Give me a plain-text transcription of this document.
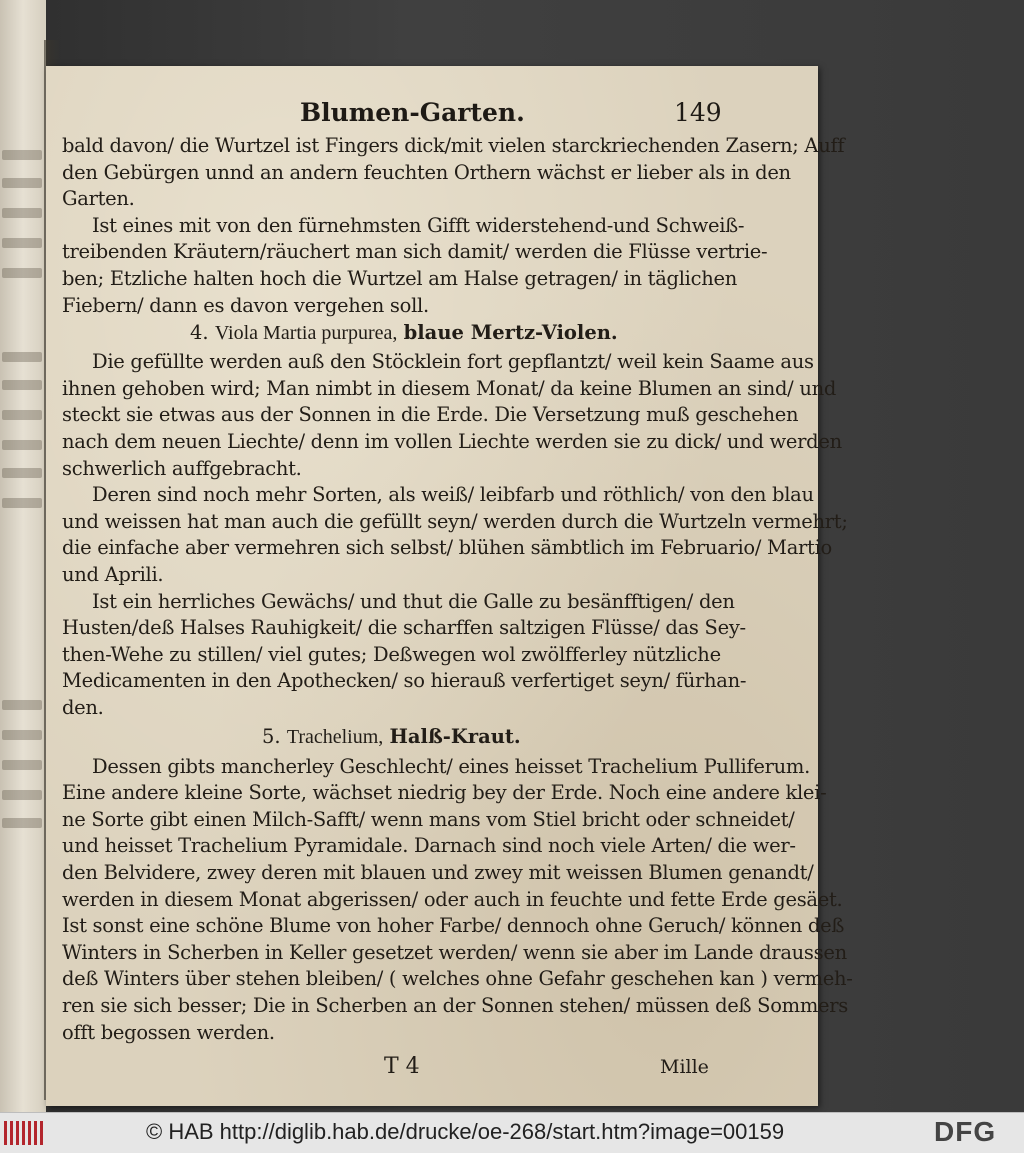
Blumen-Garten.	149
bald davon/ die Wurtzel ist Fingers dick/mit vielen starckriechenden Zasern; Auff
den Gebürgen unnd an andern feuchten Orthern wächst er lieber als in den
Garten.
Ist eines mit von den fürnehmsten Gifft widerstehend-und Schweiß-
treibenden Kräutern/räuchert man sich damit/ werden die Flüsse vertrie-
ben; Etzliche halten hoch die Wurtzel am Halse getragen/ in täglichen
Fiebern/ dann es davon vergehen soll.
Die gefüllte werden auß den Stöcklein fort gepflantzt/ weil kein Saame aus
ihnen gehoben wird; Man nimbt in diesem Monat/ da keine Blumen an sind/ und
steckt sie etwas aus der Sonnen in die Erde. Die Versetzung muß geschehen
nach dem neuen Liechte/ denn im vollen Liechte werden sie zu dick/ und werden
schwerlich auffgebracht.
Deren sind noch mehr Sorten, als weiß/ leibfarb und röthlich/ von den blau
und weissen hat man auch die gefüllt seyn/ werden durch die Wurtzeln vermehrt;
die einfache aber vermehren sich selbst/ blühen sämbtlich im Februario/ Martio
und Aprili.
Ist ein herrliches Gewächs/ und thut die Galle zu besänfftigen/ den
Husten/deß Halses Rauhigkeit/ die scharffen saltzigen Flüsse/ das Sey-
then-Wehe zu stillen/ viel gutes; Deßwegen wol zwölfferley nützliche
Medicamenten in den Apothecken/ so hierauß verfertiget seyn/ fürhan-
den.
Dessen gibts mancherley Geschlecht/ eines heisset Trachelium Pulliferum.
Eine andere kleine Sorte, wächset niedrig bey der Erde. Noch eine andere klei-
ne Sorte gibt einen Milch-Safft/ wenn mans vom Stiel bricht oder schneidet/
und heisset Trachelium Pyramidale. Darnach sind noch viele Arten/ die wer-
den Belvidere, zwey deren mit blauen und zwey mit weissen Blumen genandt/
werden in diesem Monat abgerissen/ oder auch in feuchte und fette Erde gesäet.
Ist sonst eine schöne Blume von hoher Farbe/ dennoch ohne Geruch/ können deß
Winters in Scherben in Keller gesetzet werden/ wenn sie aber im Lande draussen
deß Winters über stehen bleiben/ ( welches ohne Gefahr geschehen kan ) vermeh-
ren sie sich besser; Die in Scherben an der Sonnen stehen/ müssen deß Sommers
offt begossen werden.
4. Viola Martia purpurea, blaue Mertz-Violen.
5. Trachelium, Halß-Kraut.
T 4	Mille
© HAB http://diglib.hab.de/drucke/oe-268/start.htm?image=00159	DFG
